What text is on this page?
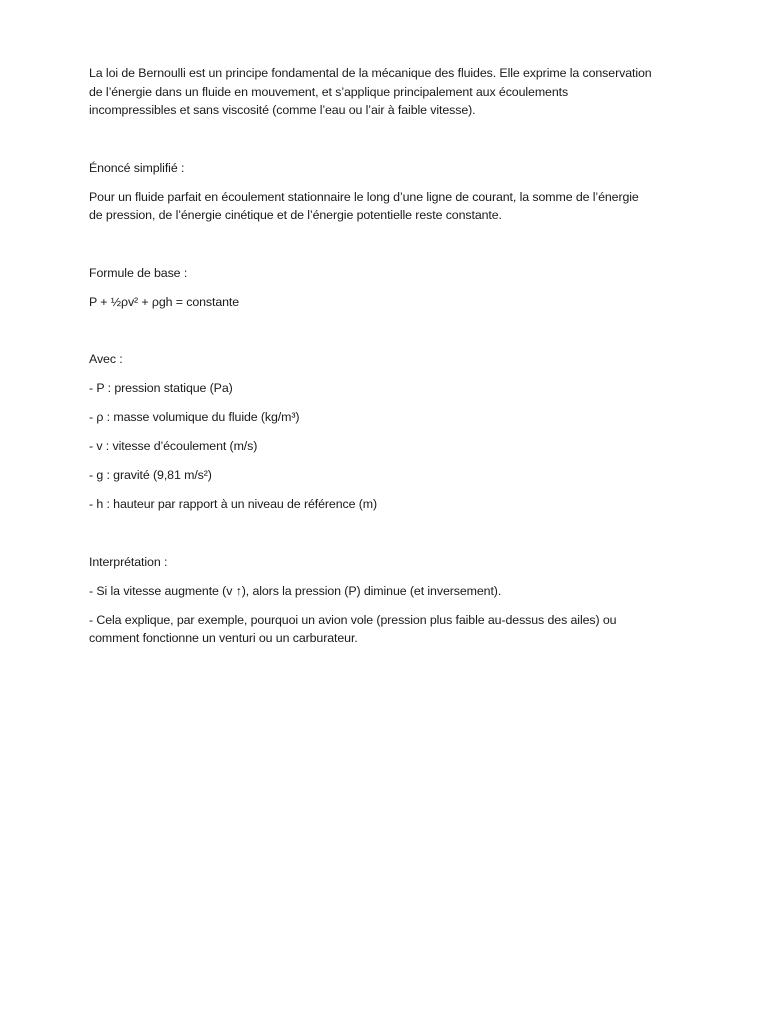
La loi de Bernoulli est un principe fondamental de la mécanique des fluides. Elle exprime la conservation
de l’énergie dans un fluide en mouvement, et s’applique principalement aux écoulements
incompressibles et sans viscosité (comme l’eau ou l’air à faible vitesse).

Énoncé simplifié :

Pour un fluide parfait en écoulement stationnaire le long d’une ligne de courant, la somme de l’énergie
de pression, de l’énergie cinétique et de l’énergie potentielle reste constante.

Formule de base :

P + ½ρv² + ρgh = constante

Avec :

- P : pression statique (Pa)

- ρ : masse volumique du fluide (kg/m³)

- v : vitesse d’écoulement (m/s)

- g : gravité (9,81 m/s²)

- h : hauteur par rapport à un niveau de référence (m)

Interprétation :

- Si la vitesse augmente (v ↑), alors la pression (P) diminue (et inversement).

- Cela explique, par exemple, pourquoi un avion vole (pression plus faible au-dessus des ailes) ou
comment fonctionne un venturi ou un carburateur.
